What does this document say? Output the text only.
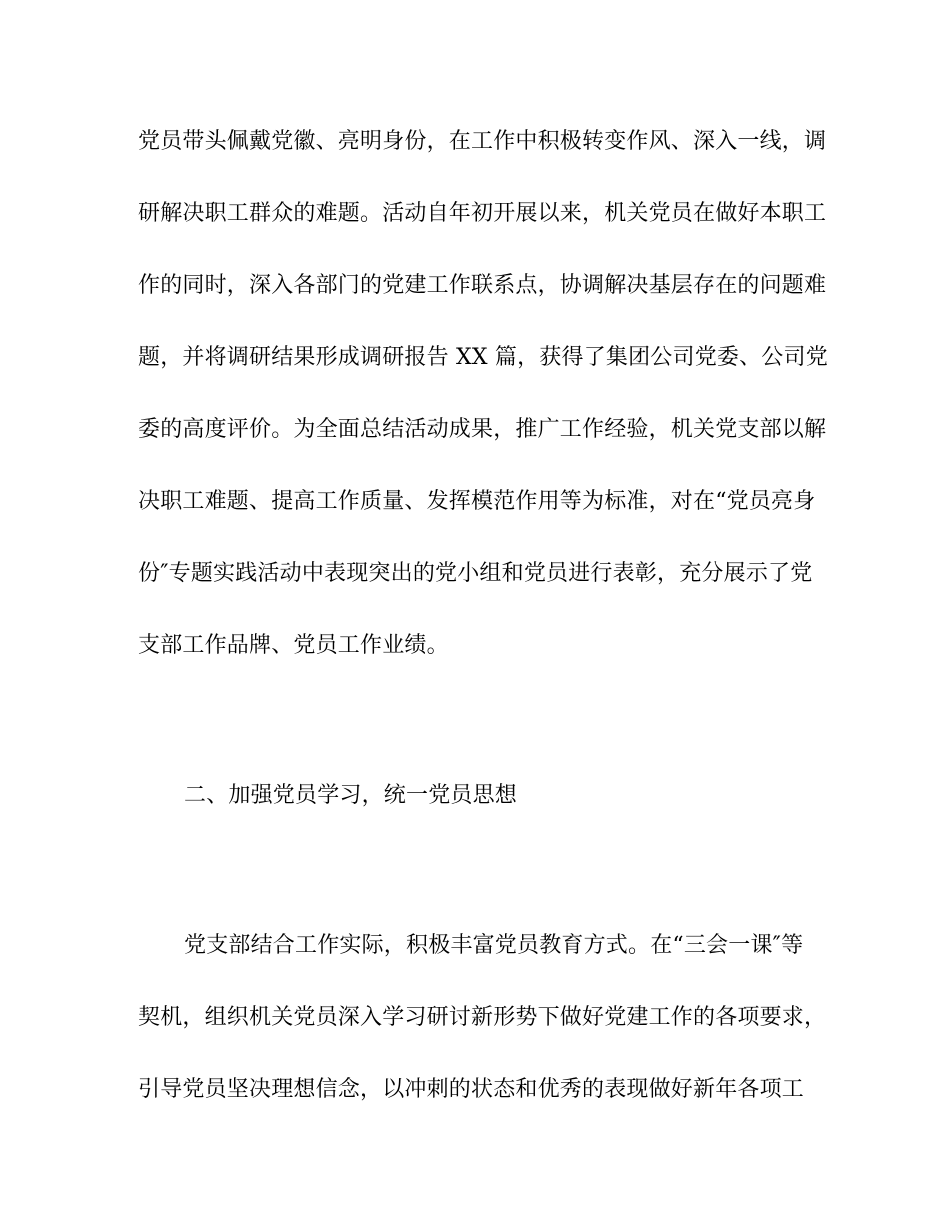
党员带头佩戴党徽、亮明身份，在工作中积极转变作风、深入一线，调
研解决职工群众的难题。活动自年初开展以来，机关党员在做好本职工
作的同时，深入各部门的党建工作联系点，协调解决基层存在的问题难
题，并将调研结果形成调研报告 XX 篇，获得了集团公司党委、公司党
委的高度评价。为全面总结活动成果，推广工作经验，机关党支部以解
决职工难题、提高工作质量、发挥模范作用等为标准，对在“党员亮身
份″专题实践活动中表现突出的党小组和党员进行表彰，充分展示了党
支部工作品牌、党员工作业绩。
二、加强党员学习，统一党员思想
党支部结合工作实际，积极丰富党员教育方式。在“三会一课″等
契机，组织机关党员深入学习研讨新形势下做好党建工作的各项要求，
引导党员坚决理想信念，以冲刺的状态和优秀的表现做好新年各项工
